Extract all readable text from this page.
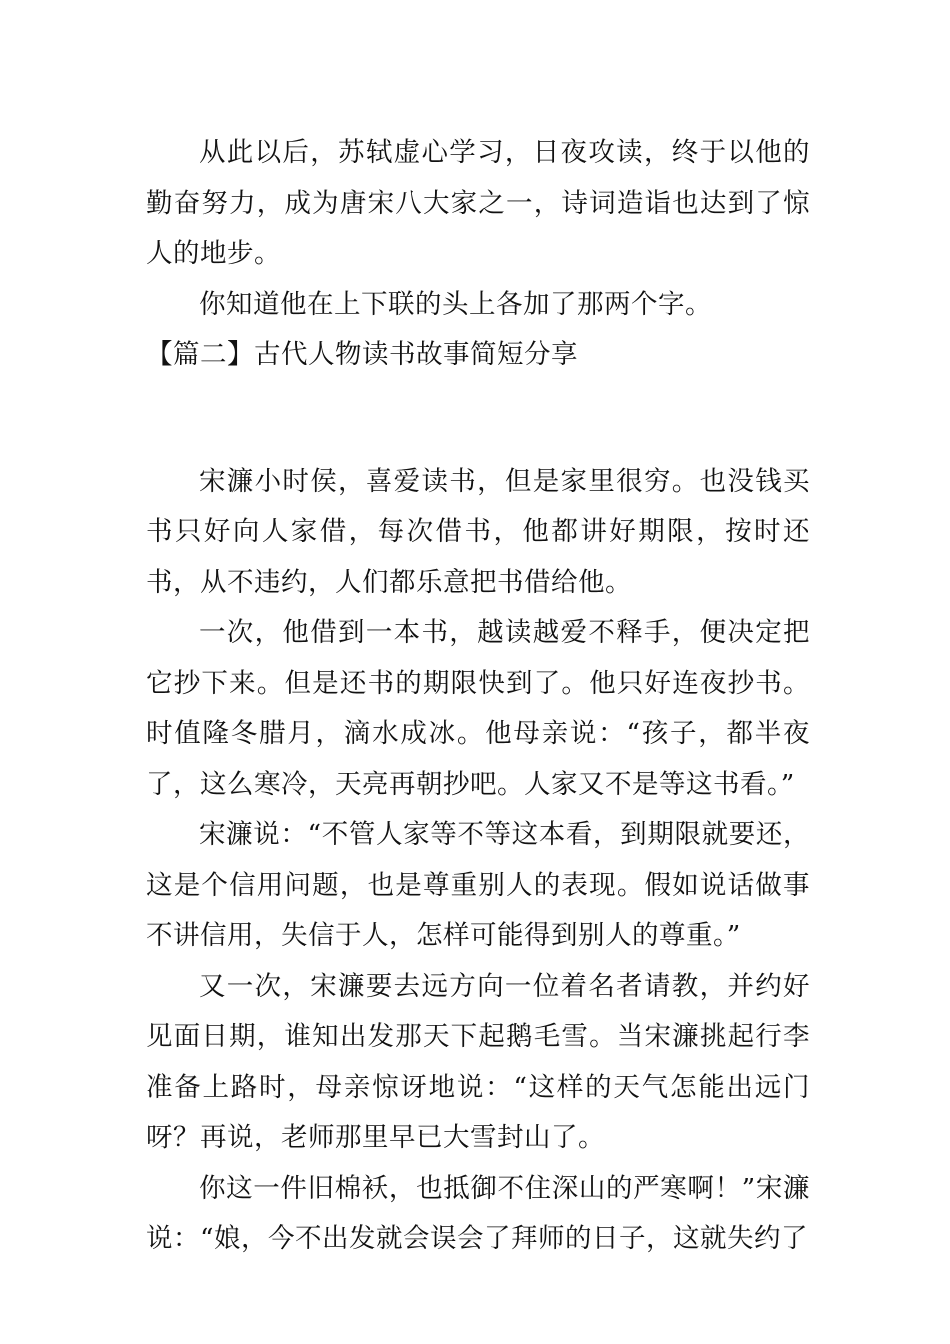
从此以后，苏轼虚心学习，日夜攻读，终于以他的勤奋努力，成为唐宋八大家之一，诗词造诣也达到了惊人的地步。

你知道他在上下联的头上各加了那两个字。

【篇二】古代人物读书故事简短分享

宋濂小时侯，喜爱读书，但是家里很穷。也没钱买书只好向人家借，每次借书，他都讲好期限，按时还书，从不违约，人们都乐意把书借给他。

一次，他借到一本书，越读越爱不释手，便决定把它抄下来。但是还书的期限快到了。他只好连夜抄书。时值隆冬腊月，滴水成冰。他母亲说：“孩子，都半夜了，这么寒冷，天亮再朝抄吧。人家又不是等这书看。”

宋濂说：“不管人家等不等这本看，到期限就要还，这是个信用问题，也是尊重别人的表现。假如说话做事不讲信用，失信于人，怎样可能得到别人的尊重。”

又一次，宋濂要去远方向一位着名者请教，并约好见面日期，谁知出发那天下起鹅毛雪。当宋濂挑起行李准备上路时，母亲惊讶地说：“这样的天气怎能出远门呀？再说，老师那里早已大雪封山了。

你这一件旧棉袄，也抵御不住深山的严寒啊！”宋濂说：“娘，今不出发就会误会了拜师的日子，这就失约了
